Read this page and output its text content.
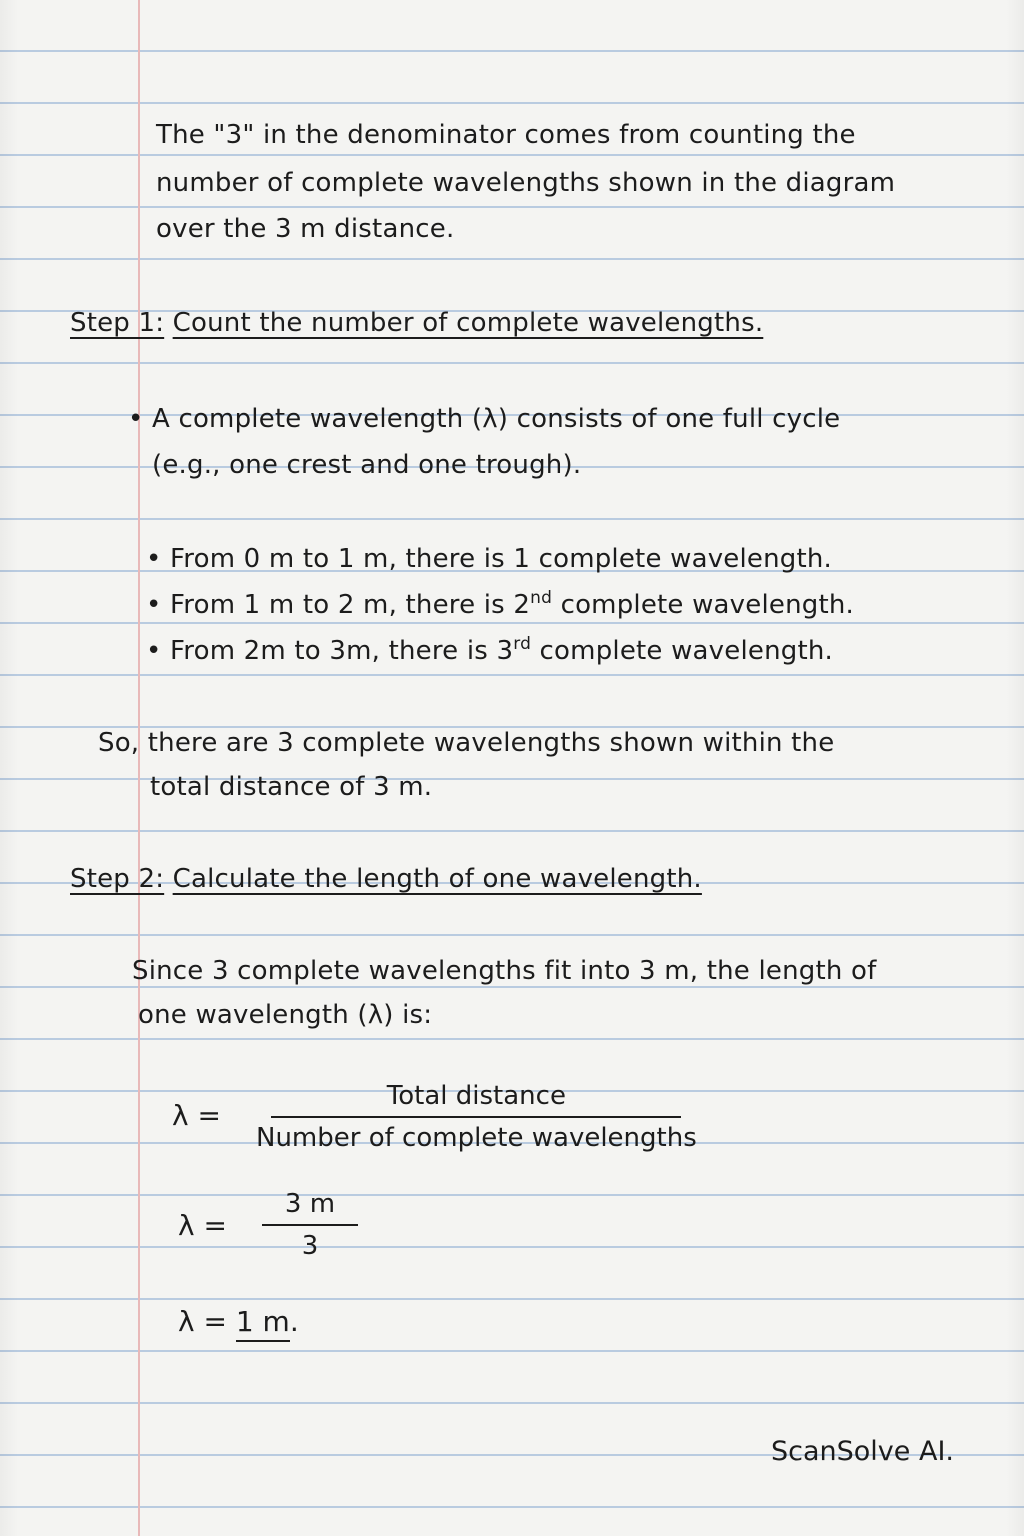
The "3" in the denominator comes from counting the
number of complete wavelengths shown in the diagram
over the 3 m distance.
Step 1: Count the number of complete wavelengths.
• A complete wavelength (λ) consists of one full cycle
(e.g., one crest and one trough).
• From 0 m to 1 m, there is 1 complete wavelength.
• From 1 m to 2 m, there is 2nd complete wavelength.
• From 2m to 3m, there is 3rd complete wavelength.
So, there are 3 complete wavelengths shown within the
total distance of 3 m.
Step 2: Calculate the length of one wavelength.
Since 3 complete wavelengths fit into 3 m, the length of
one wavelength (λ) is:
λ =
Total distance
Number of complete wavelengths
λ =
3 m
3
λ = 1 m.
ScanSolve AI.
